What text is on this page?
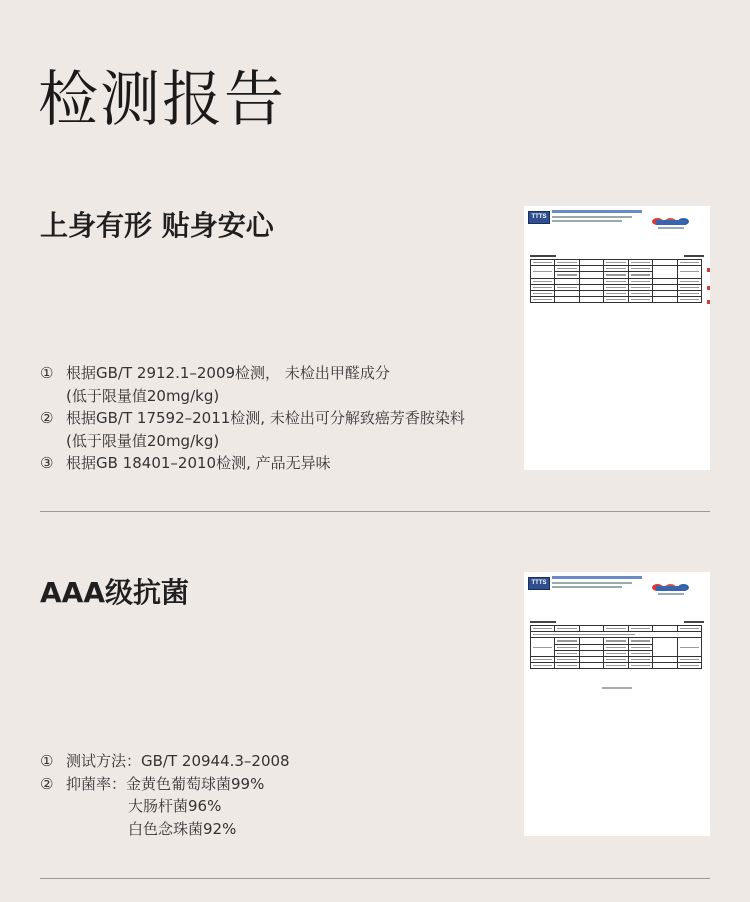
检测报告
上身有形 贴身安心
① 根据GB/T 2912.1–2009检测， 未检出甲醛成分
(低于限量值20mg/kg)
② 根据GB/T 17592–2011检测, 未检出可分解致癌芳香胺染料
(低于限量值20mg/kg)
③ 根据GB 18401–2010检测, 产品无异味
TTTS

AAA级抗菌
① 测试方法：GB/T 20944.3–2008
② 抑菌率：金黄色葡萄球菌99%
大肠杆菌96%
白色念珠菌92%
TTTS
